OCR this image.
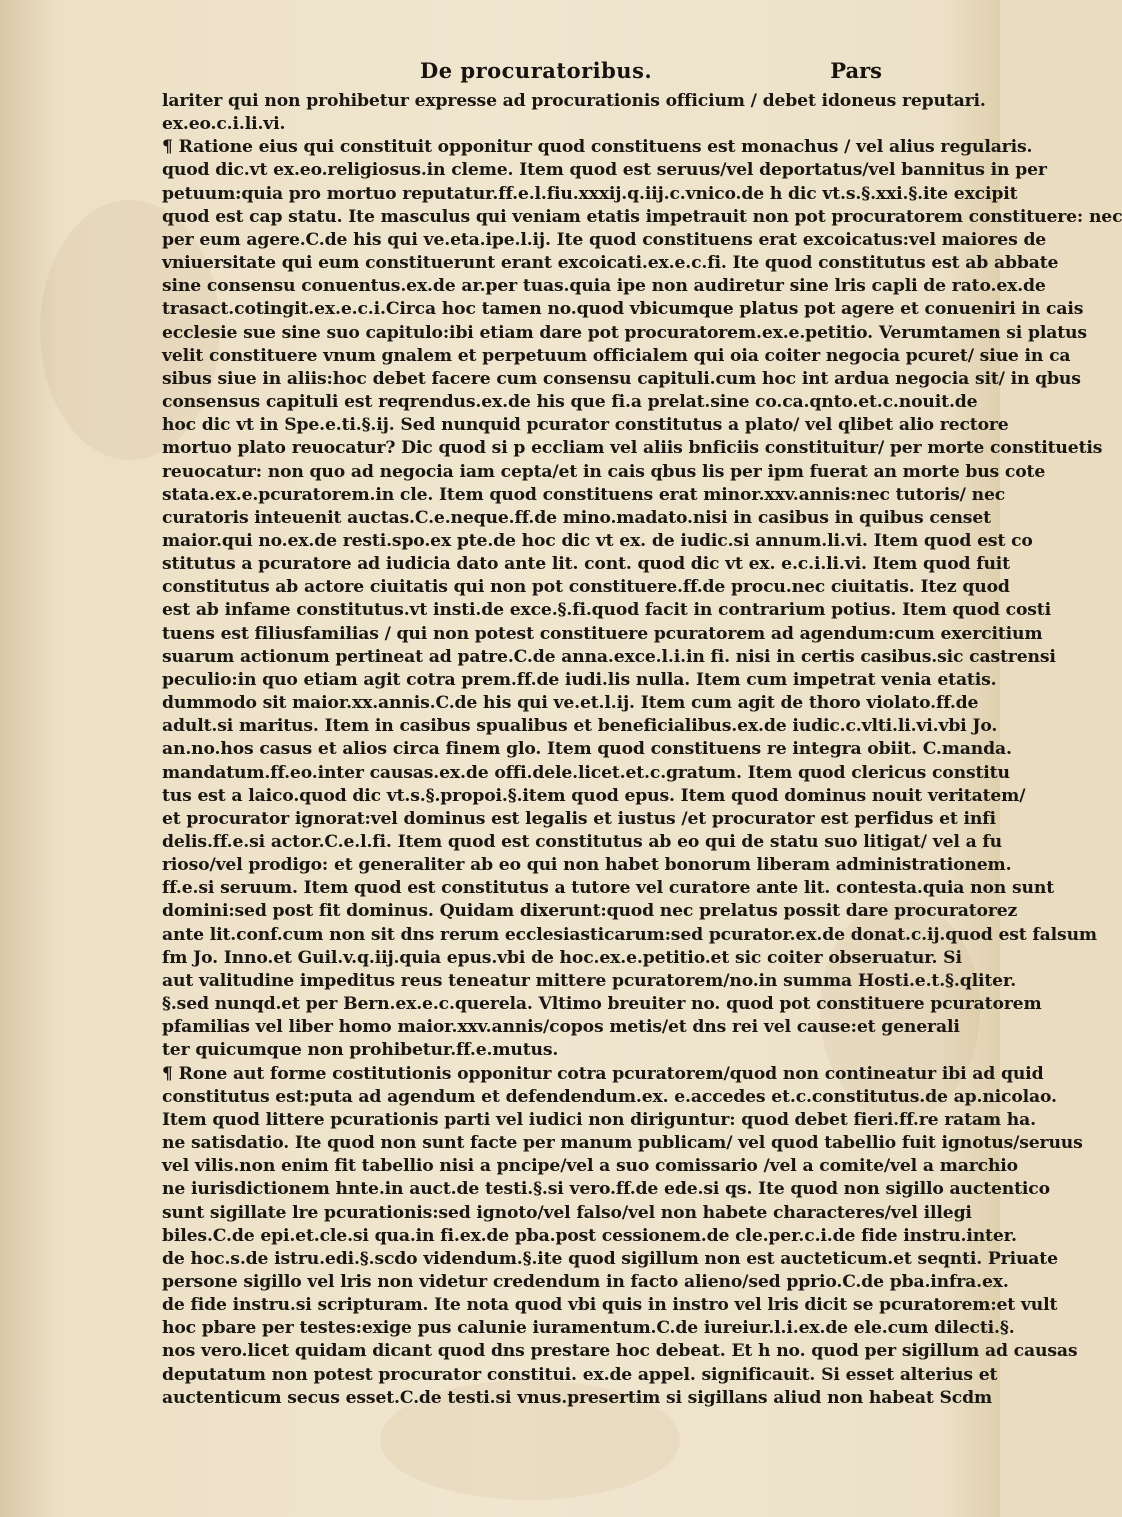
De procuratoribus.	Pars
lariter qui non prohibetur expresse ad procurationis officium / debet idoneus reputari.
ex.eo.c.i.li.vi.
¶ Ratione eius qui constituit opponitur quod constituens est monachus / vel alius regularis.
quod dic.vt ex.eo.religiosus.in cleme. Item quod est seruus/vel deportatus/vel bannitus in per
petuum:quia pro mortuo reputatur.ff.e.l.fiu.xxxij.q.iij.c.vnico.de h dic vt.s.§.xxi.§.ite excipit
quod est cap statu. Ite masculus qui veniam etatis impetrauit non pot procuratorem constituere: nec
per eum agere.C.de his qui ve.eta.ipe.l.ij. Ite quod constituens erat excoicatus:vel maiores de
vniuersitate qui eum constituerunt erant excoicati.ex.e.c.fi. Ite quod constitutus est ab abbate
sine consensu conuentus.ex.de ar.per tuas.quia ipe non audiretur sine lris capli de rato.ex.de
trasact.cotingit.ex.e.c.i.Circa hoc tamen no.quod vbicumque platus pot agere et conueniri in cais
ecclesie sue sine suo capitulo:ibi etiam dare pot procuratorem.ex.e.petitio. Verumtamen si platus
velit constituere vnum gnalem et perpetuum officialem qui oia coiter negocia pcuret/ siue in ca
sibus siue in aliis:hoc debet facere cum consensu capituli.cum hoc int ardua negocia sit/ in qbus
consensus capituli est reqrendus.ex.de his que fi.a prelat.sine co.ca.qnto.et.c.nouit.de
hoc dic vt in Spe.e.ti.§.ij. Sed nunquid pcurator constitutus a plato/ vel qlibet alio rectore
mortuo plato reuocatur? Dic quod si p eccliam vel aliis bnficiis constituitur/ per morte constituetis
reuocatur: non quo ad negocia iam cepta/et in cais qbus lis per ipm fuerat an morte bus cote
stata.ex.e.pcuratorem.in cle. Item quod constituens erat minor.xxv.annis:nec tutoris/ nec
curatoris inteuenit auctas.C.e.neque.ff.de mino.madato.nisi in casibus in quibus censet
maior.qui no.ex.de resti.spo.ex pte.de hoc dic vt ex. de iudic.si annum.li.vi. Item quod est co
stitutus a pcuratore ad iudicia dato ante lit. cont. quod dic vt ex. e.c.i.li.vi. Item quod fuit
constitutus ab actore ciuitatis qui non pot constituere.ff.de procu.nec ciuitatis. Itez quod
est ab infame constitutus.vt insti.de exce.§.fi.quod facit in contrarium potius. Item quod costi
tuens est filiusfamilias / qui non potest constituere pcuratorem ad agendum:cum exercitium
suarum actionum pertineat ad patre.C.de anna.exce.l.i.in fi. nisi in certis casibus.sic castrensi
peculio:in quo etiam agit cotra prem.ff.de iudi.lis nulla. Item cum impetrat venia etatis.
dummodo sit maior.xx.annis.C.de his qui ve.et.l.ij. Item cum agit de thoro violato.ff.de
adult.si maritus. Item in casibus spualibus et beneficialibus.ex.de iudic.c.vlti.li.vi.vbi Jo.
an.no.hos casus et alios circa finem glo. Item quod constituens re integra obiit. C.manda.
mandatum.ff.eo.inter causas.ex.de offi.dele.licet.et.c.gratum. Item quod clericus constitu
tus est a laico.quod dic vt.s.§.propoi.§.item quod epus. Item quod dominus nouit veritatem/
et procurator ignorat:vel dominus est legalis et iustus /et procurator est perfidus et infi
delis.ff.e.si actor.C.e.l.fi. Item quod est constitutus ab eo qui de statu suo litigat/ vel a fu
rioso/vel prodigo: et generaliter ab eo qui non habet bonorum liberam administrationem.
ff.e.si seruum. Item quod est constitutus a tutore vel curatore ante lit. contesta.quia non sunt
domini:sed post fit dominus. Quidam dixerunt:quod nec prelatus possit dare procuratorez
ante lit.conf.cum non sit dns rerum ecclesiasticarum:sed pcurator.ex.de donat.c.ij.quod est falsum
fm Jo. Inno.et Guil.v.q.iij.quia epus.vbi de hoc.ex.e.petitio.et sic coiter obseruatur. Si
aut valitudine impeditus reus teneatur mittere pcuratorem/no.in summa Hosti.e.t.§.qliter.
§.sed nunqd.et per Bern.ex.e.c.querela. Vltimo breuiter no. quod pot constituere pcuratorem
pfamilias vel liber homo maior.xxv.annis/copos metis/et dns rei vel cause:et generali
ter quicumque non prohibetur.ff.e.mutus.
¶ Rone aut forme costitutionis opponitur cotra pcuratorem/quod non contineatur ibi ad quid
constitutus est:puta ad agendum et defendendum.ex. e.accedes et.c.constitutus.de ap.nicolao.
Item quod littere pcurationis parti vel iudici non diriguntur: quod debet fieri.ff.re ratam ha.
ne satisdatio. Ite quod non sunt facte per manum publicam/ vel quod tabellio fuit ignotus/seruus
vel vilis.non enim fit tabellio nisi a pncipe/vel a suo comissario /vel a comite/vel a marchio
ne iurisdictionem hnte.in auct.de testi.§.si vero.ff.de ede.si qs. Ite quod non sigillo auctentico
sunt sigillate lre pcurationis:sed ignoto/vel falso/vel non habete characteres/vel illegi
biles.C.de epi.et.cle.si qua.in fi.ex.de pba.post cessionem.de cle.per.c.i.de fide instru.inter.
de hoc.s.de istru.edi.§.scdo videndum.§.ite quod sigillum non est aucteticum.et seqnti. Priuate
persone sigillo vel lris non videtur credendum in facto alieno/sed pprio.C.de pba.infra.ex.
de fide instru.si scripturam. Ite nota quod vbi quis in instro vel lris dicit se pcuratorem:et vult
hoc pbare per testes:exige pus calunie iuramentum.C.de iureiur.l.i.ex.de ele.cum dilecti.§.
nos vero.licet quidam dicant quod dns prestare hoc debeat. Et h no. quod per sigillum ad causas
deputatum non potest procurator constitui. ex.de appel. significauit. Si esset alterius et
auctenticum secus esset.C.de testi.si vnus.presertim si sigillans aliud non habeat Scdm
